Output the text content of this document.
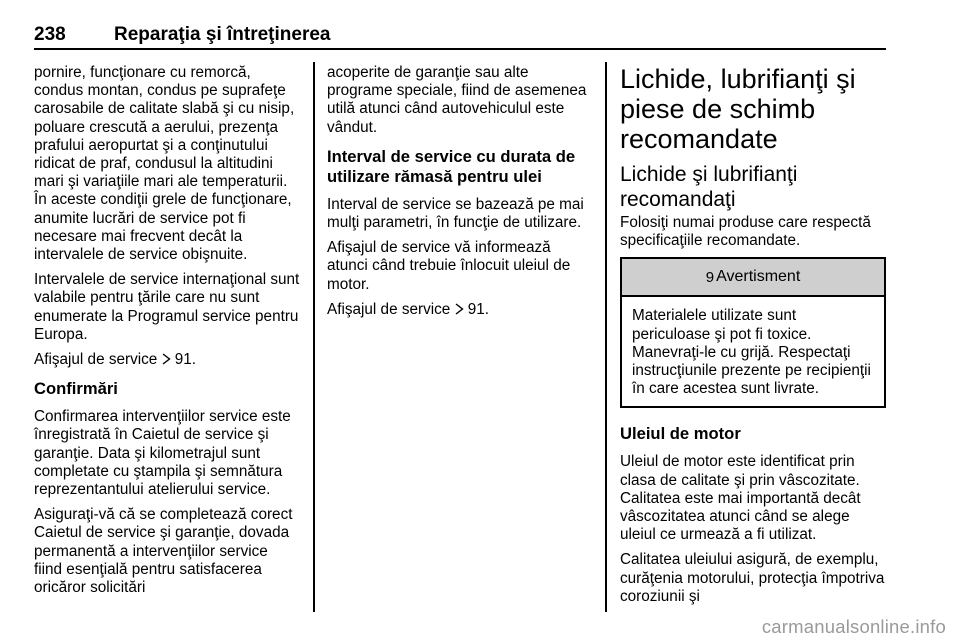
238	Reparaţia şi întreţinerea

pornire, funcţionare cu remorcă, condus montan, condus pe suprafeţe carosabile de calitate slabă şi cu nisip, poluare crescută a aerului, prezenţa prafului aeropurtat şi a conţinutului ridicat de praf, condusul la altitudini mari şi variaţiile mari ale temperaturii. În aceste condiţii grele de funcţionare, anumite lucrări de service pot fi necesare mai frecvent decât la intervalele de service obişnuite.

Intervalele de service internaţional sunt valabile pentru ţările care nu sunt enumerate la Programul service pentru Europa.

Afişajul de service  91.

Confirmări

Confirmarea intervenţiilor service este înregistrată în Caietul de service şi garanţie. Data şi kilometrajul sunt completate cu ştampila şi semnătura reprezentantului atelierului service.

Asiguraţi-vă că se completează corect Caietul de service şi garanţie, dovada permanentă a intervenţiilor service fiind esenţială pentru satisfacerea oricăror solicitări

acoperite de garanţie sau alte programe speciale, fiind de asemenea utilă atunci când autovehiculul este vândut.

Interval de service cu durata de utilizare rămasă pentru ulei

Interval de service se bazează pe mai mulţi parametri, în funcţie de utilizare.

Afişajul de service vă informează atunci când trebuie înlocuit uleiul de motor.

Afişajul de service  91.

Lichide, lubrifianţi şi piese de schimb recomandate
Lichide şi lubrifianţi recomandaţi

Folosiţi numai produse care respectă specificaţiile recomandate.

9 Avertisment
Materialele utilizate sunt periculoase şi pot fi toxice. Manevraţi-le cu grijă. Respectaţi instrucţiunile prezente pe recipienţii în care acestea sunt livrate.
Uleiul de motor

Uleiul de motor este identificat prin clasa de calitate şi prin vâscozitate. Calitatea este mai importantă decât vâscozitatea atunci când se alege uleiul ce urmează a fi utilizat.

Calitatea uleiului asigură, de exemplu, curăţenia motorului, protecţia împotriva coroziunii şi

carmanualsonline.info
